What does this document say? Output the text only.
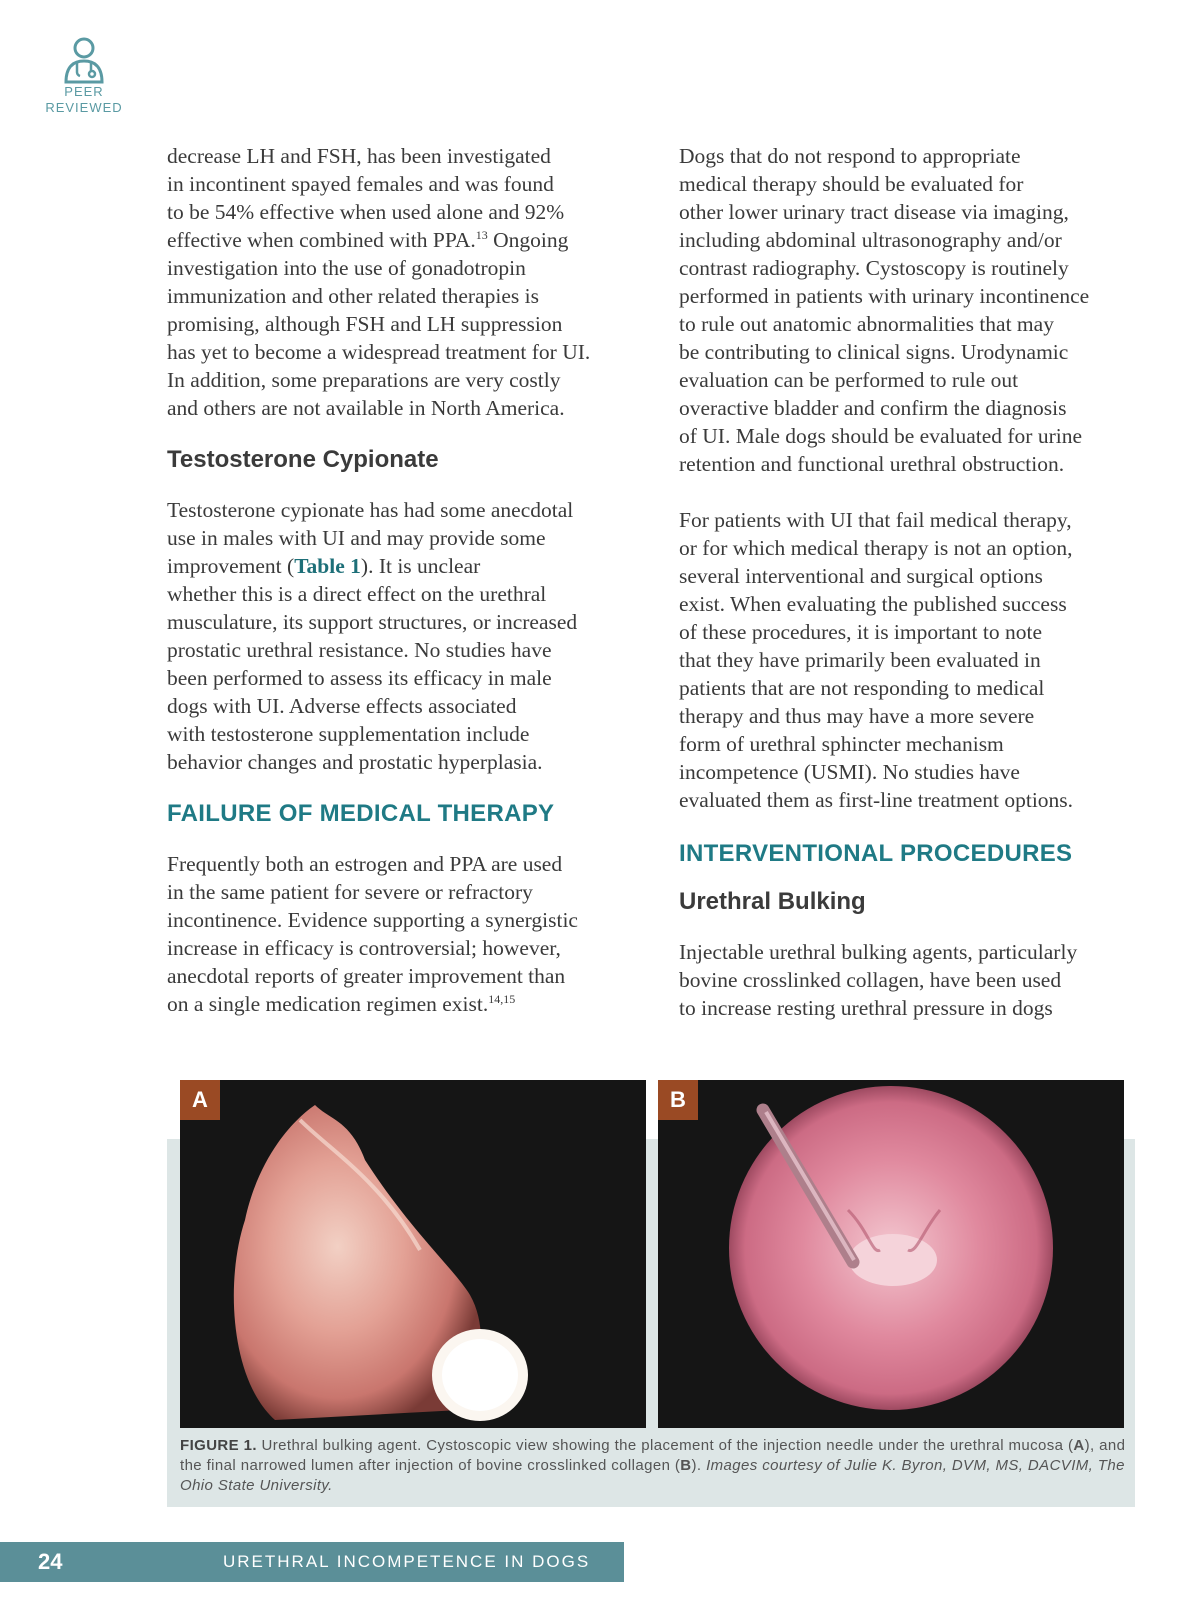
PEER
REVIEWED

decrease LH and FSH, has been investigated
in incontinent spayed females and was found
to be 54% effective when used alone and 92%
effective when combined with PPA.$^{13}$ Ongoing
investigation into the use of gonadotropin
immunization and other related therapies is
promising, although FSH and LH suppression
has yet to become a widespread treatment for UI.
In addition, some preparations are very costly
and others are not available in North America.

Testosterone Cypionate

Testosterone cypionate has had some anecdotal
use in males with UI and may provide some
improvement (Table 1). It is unclear
whether this is a direct effect on the urethral
musculature, its support structures, or increased
prostatic urethral resistance. No studies have
been performed to assess its efficacy in male
dogs with UI. Adverse effects associated
with testosterone supplementation include
behavior changes and prostatic hyperplasia.

FAILURE OF MEDICAL THERAPY

Frequently both an estrogen and PPA are used
in the same patient for severe or refractory
incontinence. Evidence supporting a synergistic
increase in efficacy is controversial; however,
anecdotal reports of greater improvement than
on a single medication regimen exist.$^{14,15}$

Dogs that do not respond to appropriate
medical therapy should be evaluated for
other lower urinary tract disease via imaging,
including abdominal ultrasonography and/or
contrast radiography. Cystoscopy is routinely
performed in patients with urinary incontinence
to rule out anatomic abnormalities that may
be contributing to clinical signs. Urodynamic
evaluation can be performed to rule out
overactive bladder and confirm the diagnosis
of UI. Male dogs should be evaluated for urine
retention and functional urethral obstruction.

For patients with UI that fail medical therapy,
or for which medical therapy is not an option,
several interventional and surgical options
exist. When evaluating the published success
of these procedures, it is important to note
that they have primarily been evaluated in
patients that are not responding to medical
therapy and thus may have a more severe
form of urethral sphincter mechanism
incompetence (USMI). No studies have
evaluated them as first-line treatment options.

INTERVENTIONAL PROCEDURES
Urethral Bulking

Injectable urethral bulking agents, particularly
bovine crosslinked collagen, have been used
to increase resting urethral pressure in dogs

A	B
FIGURE 1. Urethral bulking agent. Cystoscopic view showing the placement of the injection needle under the urethral mucosa (A), and the final narrowed lumen after injection of bovine crosslinked collagen (B). Images courtesy of Julie K. Byron, DVM, MS, DACVIM, The Ohio State University.
24	URETHRAL INCOMPETENCE IN DOGS
